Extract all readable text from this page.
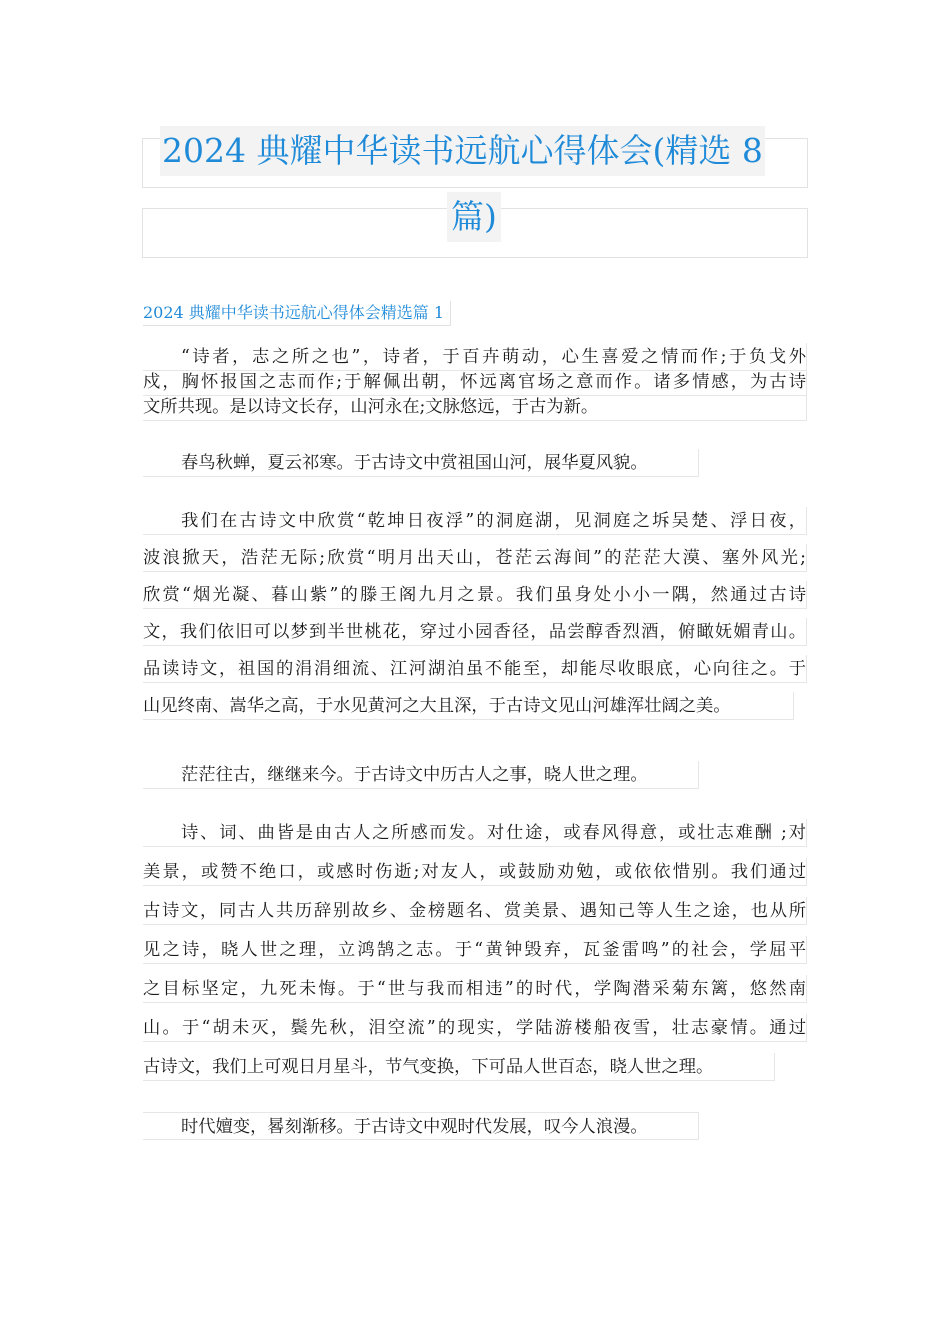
2024 典耀中华读书远航心得体会(精选 8
篇)
2024 典耀中华读书远航心得体会精选篇 1
“诗者，志之所之也”，诗者，于百卉萌动，心生喜爱之情而作;于负戈外
戍，胸怀报国之志而作;于解佩出朝，怀远离官场之意而作。诸多情感，为古诗
文所共现。是以诗文长存，山河永在;文脉悠远，于古为新。
春鸟秋蝉，夏云祁寒。于古诗文中赏祖国山河，展华夏风貌。
我们在古诗文中欣赏“乾坤日夜浮”的洞庭湖，见洞庭之坼吴楚、浮日夜，
波浪掀天，浩茫无际;欣赏“明月出天山，苍茫云海间”的茫茫大漠、塞外风光;
欣赏“烟光凝、暮山紫”的滕王阁九月之景。我们虽身处小小一隅，然通过古诗
文，我们依旧可以梦到半世桃花，穿过小园香径，品尝醇香烈酒，俯瞰妩媚青山。
品读诗文，祖国的涓涓细流、江河湖泊虽不能至，却能尽收眼底，心向往之。于
山见终南、嵩华之高，于水见黄河之大且深，于古诗文见山河雄浑壮阔之美。
茫茫往古，继继来今。于古诗文中历古人之事，晓人世之理。
诗、词、曲皆是由古人之所感而发。对仕途，或春风得意，或壮志难酬 ;对
美景，或赞不绝口，或感时伤逝;对友人，或鼓励劝勉，或依依惜别。我们通过
古诗文，同古人共历辞别故乡、金榜题名、赏美景、遇知己等人生之途，也从所
见之诗，晓人世之理，立鸿鹄之志。于“黄钟毁弃，瓦釜雷鸣”的社会，学屈平
之目标坚定，九死未悔。于“世与我而相违”的时代，学陶潜采菊东篱，悠然南
山。于“胡未灭，鬓先秋，泪空流”的现实，学陆游楼船夜雪，壮志豪情。通过
古诗文，我们上可观日月星斗，节气变换，下可品人世百态，晓人世之理。
时代嬗变，晷刻渐移。于古诗文中观时代发展，叹今人浪漫。
